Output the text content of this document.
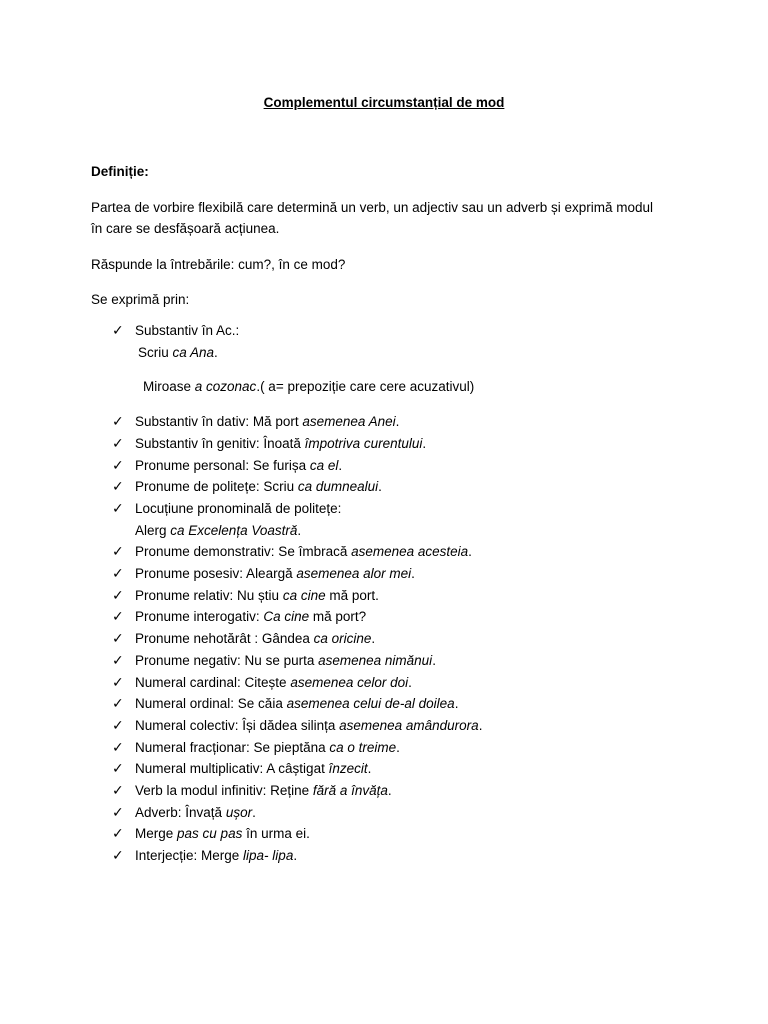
Complementul circumstanțial de mod
Definiție:
Partea de vorbire flexibilă care determină un verb, un adjectiv sau un adverb și exprimă modul
în care se desfășoară acțiunea.
Răspunde la întrebările: cum?, în ce mod?
Se exprimă prin:
✓ Substantiv în Ac.:
Scriu ca Ana.
Miroase a cozonac.( a= prepoziție care cere acuzativul)
✓ Substantiv în dativ: Mă port asemenea Anei.
✓ Substantiv în genitiv: Înoată împotriva curentului.
✓ Pronume personal: Se furișa ca el.
✓ Pronume de politețe: Scriu ca dumnealui.
✓ Locuțiune pronominală de politețe:
Alerg ca Excelența Voastră.
✓ Pronume demonstrativ: Se îmbracă asemenea acesteia.
✓ Pronume posesiv: Aleargă asemenea alor mei.
✓ Pronume relativ: Nu știu ca cine mă port.
✓ Pronume interogativ: Ca cine mă port?
✓ Pronume nehotărât : Gândea ca oricine.
✓ Pronume negativ: Nu se purta asemenea nimănui.
✓ Numeral cardinal: Citește asemenea celor doi.
✓ Numeral ordinal: Se căia asemenea celui de-al doilea.
✓ Numeral colectiv: Își dădea silința asemenea amândurora.
✓ Numeral fracționar: Se pieptăna ca o treime.
✓ Numeral multiplicativ: A câștigat înzecit.
✓ Verb la modul infinitiv: Reține fără a învăța.
✓ Adverb: Învață ușor.
✓ Merge pas cu pas în urma ei.
✓ Interjecție: Merge lipa- lipa.
